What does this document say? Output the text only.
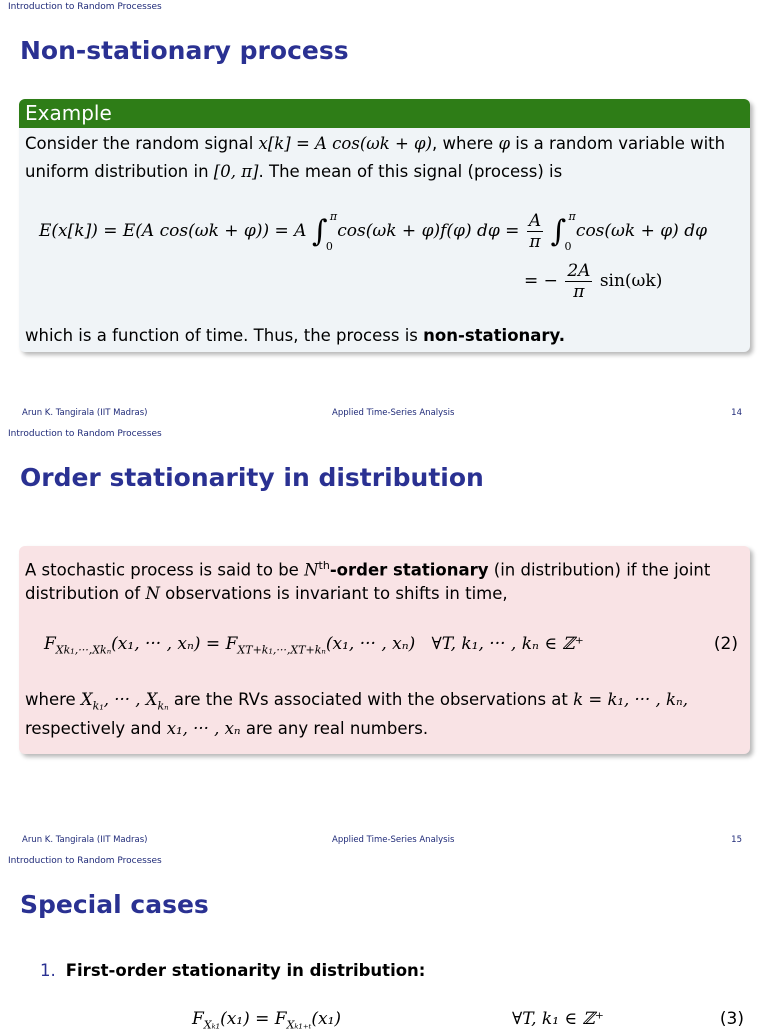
Introduction to Random Processes
Non-stationary process
Example
Consider the random signal x[k] = A cos(ωk + φ), where φ is a random variable with
uniform distribution in [0, π]. The mean of this signal (process) is
E(x[k]) = E(A cos(ωk + φ)) = A ∫ π
0
cos(ωk + φ)f(φ) $d\varphi = \frac{A}{\pi}$ ∫ π
0
cos(ωk + φ) dφ
= − $\frac{2A}{\pi} \sin(\omega k)$
which is a function of time. Thus, the process is non-stationary.
Arun K. Tangirala (IIT Madras)	Applied Time-Series Analysis	14
Introduction to Random Processes
Order stationarity in distribution
A stochastic process is said to be $N^{th}$-order stationary (in distribution) if the joint
distribution of N observations is invariant to shifts in time,
$F_{Xk_1,\cdot\cdot\cdot,Xk_n}(x_1$, ··· , $x_n) = F_{XT+k_1,\cdot\cdot\cdot,XT+k_n}(x_1$, ··· , xₙ) ∀T, k₁, ··· , kₙ ∈ ℤ⁺	(2)
where $X_{k_1}$, ··· , $X_{k_n}$ are the RVs associated with the observations at k = k₁, ··· , kₙ,
respectively and x₁, ··· , xₙ are any real numbers.
Arun K. Tangirala (IIT Madras)	Applied Time-Series Analysis	15
Introduction to Random Processes
Special cases
1. First-order stationarity in distribution:
$F_{X_{k1}}(x_1) = F_{X_{k1+t}}(x_1)$	∀T, k₁ ∈ ℤ⁺	(3)
